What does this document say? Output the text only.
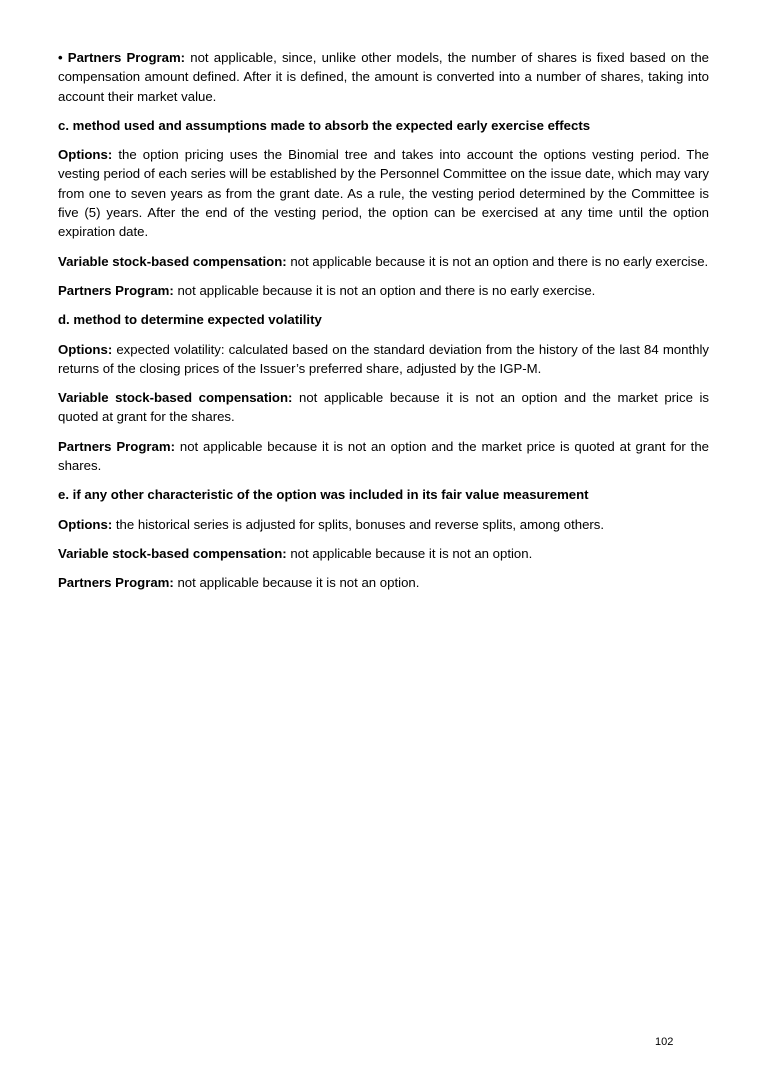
• Partners Program: not applicable, since, unlike other models, the number of shares is fixed based on the compensation amount defined. After it is defined, the amount is converted into a number of shares, taking into account their market value.

c. method used and assumptions made to absorb the expected early exercise effects

Options: the option pricing uses the Binomial tree and takes into account the options vesting period. The vesting period of each series will be established by the Personnel Committee on the issue date, which may vary from one to seven years as from the grant date. As a rule, the vesting period determined by the Committee is five (5) years. After the end of the vesting period, the option can be exercised at any time until the option expiration date.

Variable stock-based compensation: not applicable because it is not an option and there is no early exercise.

Partners Program: not applicable because it is not an option and there is no early exercise.

d. method to determine expected volatility

Options: expected volatility: calculated based on the standard deviation from the history of the last 84 monthly returns of the closing prices of the Issuer’s preferred share, adjusted by the IGP-M.

Variable stock-based compensation: not applicable because it is not an option and the market price is quoted at grant for the shares.

Partners Program: not applicable because it is not an option and the market price is quoted at grant for the shares.

e. if any other characteristic of the option was included in its fair value measurement

Options: the historical series is adjusted for splits, bonuses and reverse splits, among others.

Variable stock-based compensation: not applicable because it is not an option.

Partners Program: not applicable because it is not an option.

102
